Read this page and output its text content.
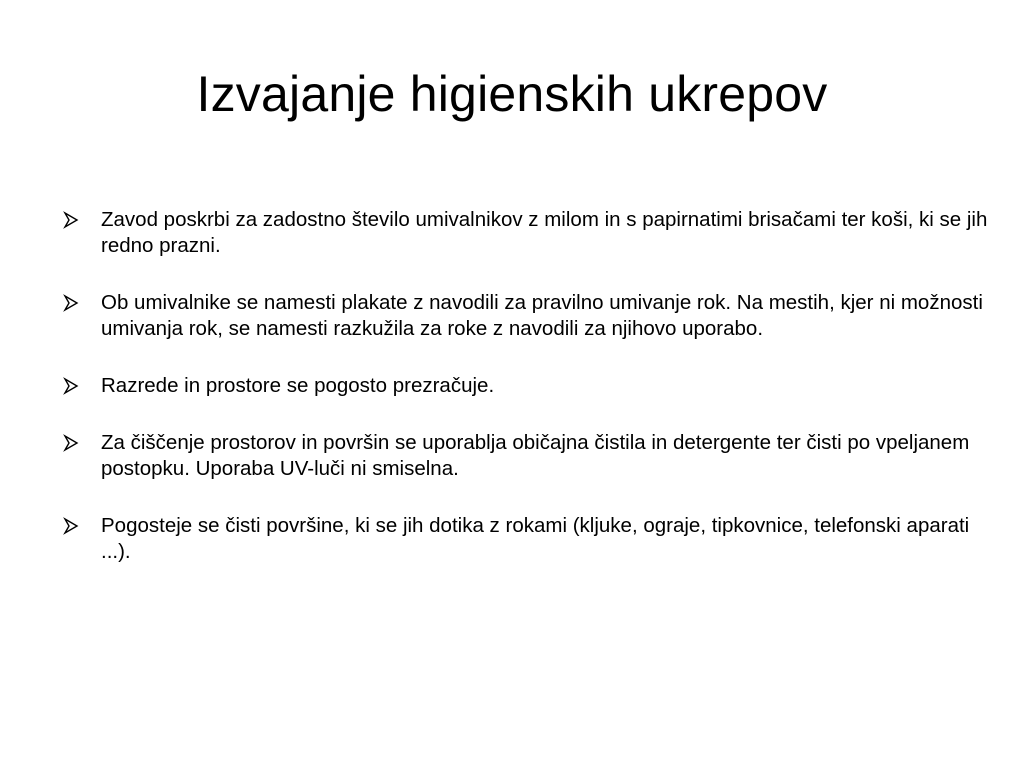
Izvajanje higienskih ukrepov
Zavod poskrbi za zadostno število umivalnikov z milom in s papirnatimi brisačami ter koši, ki se jih redno prazni.
Ob umivalnike se namesti plakate z navodili za pravilno umivanje rok. Na mestih, kjer ni možnosti umivanja rok, se namesti razkužila za roke z navodili za njihovo uporabo.
Razrede in prostore se pogosto prezračuje.
Za čiščenje prostorov in površin se uporablja običajna čistila in detergente ter čisti po vpeljanem postopku. Uporaba UV-luči ni smiselna.
Pogosteje se čisti površine, ki se jih dotika z rokami (kljuke, ograje, tipkovnice, telefonski aparati ...).
